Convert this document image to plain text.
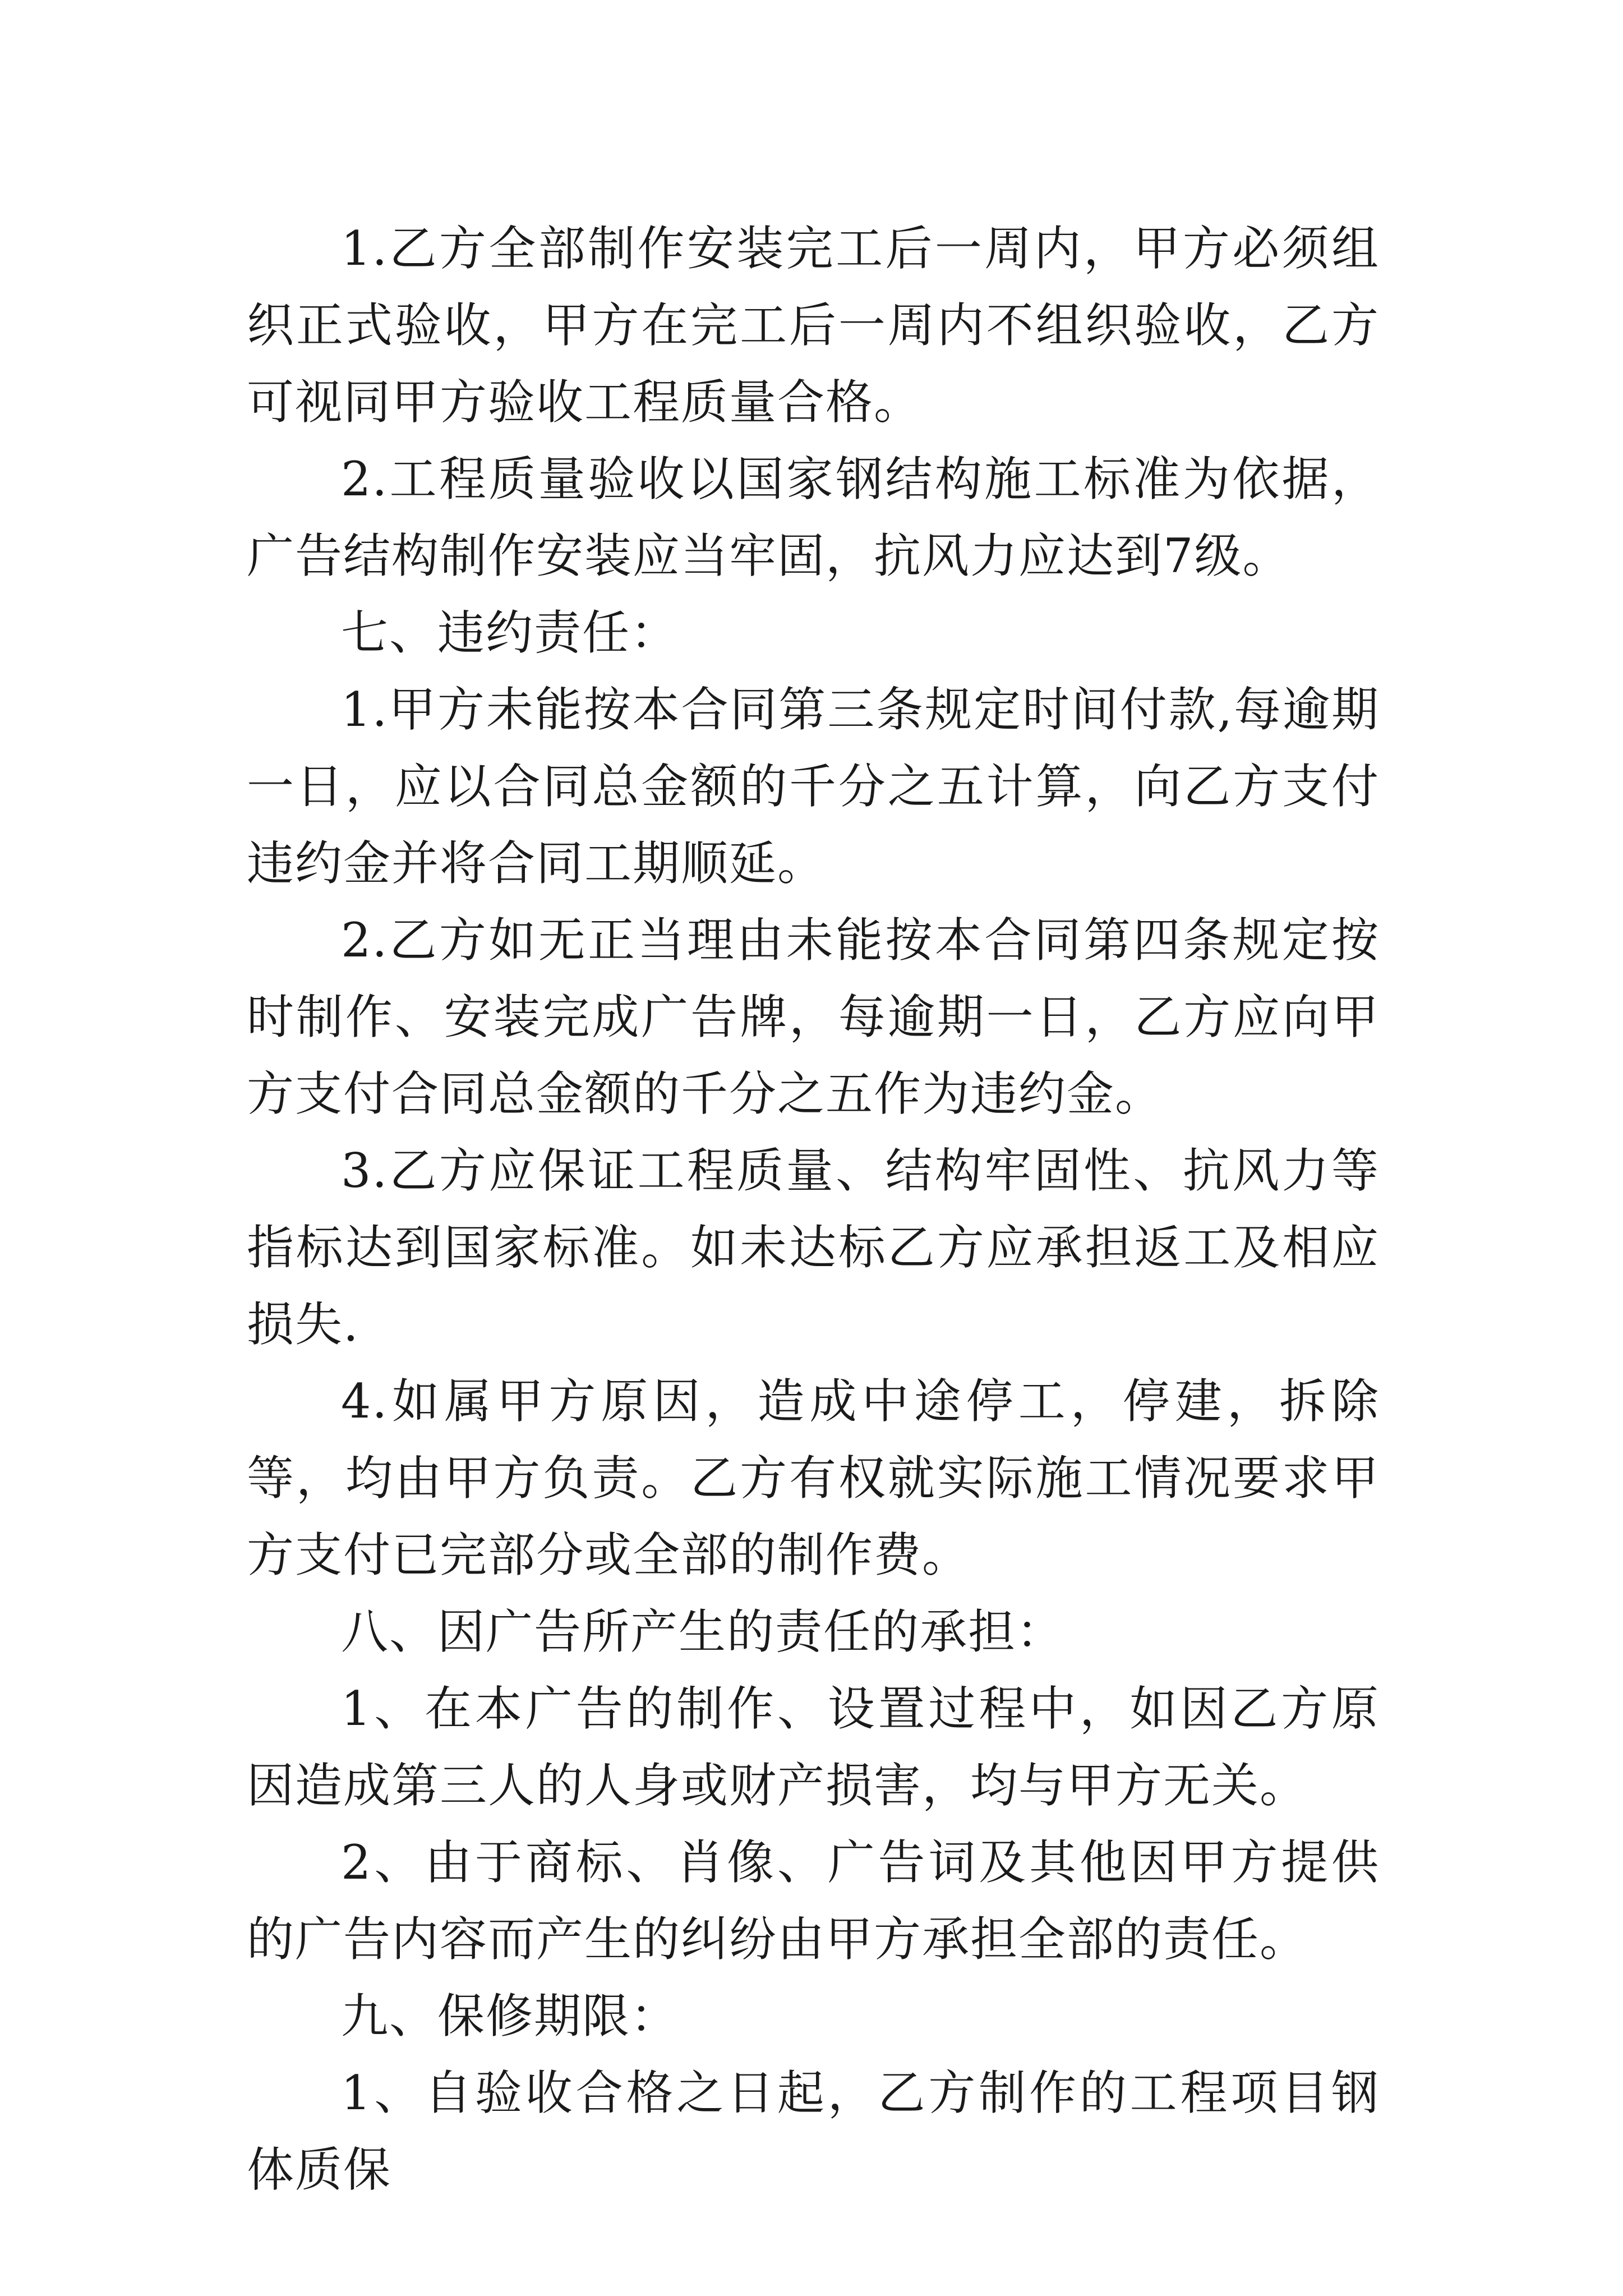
1.乙方全部制作安装完工后一周内，甲方必须组织正式验收，甲方在完工后一周内不组织验收，乙方可视同甲方验收工程质量合格。

2.工程质量验收以国家钢结构施工标准为依据，广告结构制作安装应当牢固，抗风力应达到7级。

七、违约责任：

1.甲方未能按本合同第三条规定时间付款,每逾期一日，应以合同总金额的千分之五计算，向乙方支付违约金并将合同工期顺延。

2.乙方如无正当理由未能按本合同第四条规定按时制作、安装完成广告牌，每逾期一日，乙方应向甲方支付合同总金额的千分之五作为违约金。

3.乙方应保证工程质量、结构牢固性、抗风力等指标达到国家标准。如未达标乙方应承担返工及相应损失.

4.如属甲方原因，造成中途停工，停建，拆除等，均由甲方负责。乙方有权就实际施工情况要求甲方支付已完部分或全部的制作费。

八、因广告所产生的责任的承担：

1、在本广告的制作、设置过程中，如因乙方原因造成第三人的人身或财产损害，均与甲方无关。

2、由于商标、肖像、广告词及其他因甲方提供的广告内容而产生的纠纷由甲方承担全部的责任。

九、保修期限：

1、自验收合格之日起，乙方制作的工程项目钢体质保
